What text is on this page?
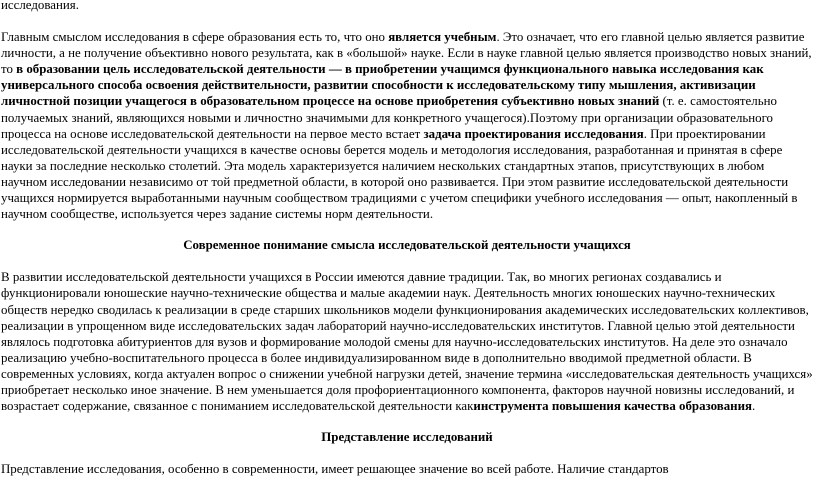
исследования.

Главным смыслом исследования в сфере образования есть то, что оно является учебным. Это означает, что его главной целью является развитие личности, а не получение объективно нового результата, как в «большой» науке. Если в науке главной целью является производство новых знаний, то в образовании цель исследовательской деятельности — в приобретении учащимся функционального навыка исследования как универсального способа освоения действительности, развитии способности к исследовательскому типу мышления, активизации личностной позиции учащегося в образовательном процессе на основе приобретения субъективно новых знаний (т. е. самостоятельно получаемых знаний, являющихся новыми и личностно значимыми для конкретного учащегося).Поэтому при организации образовательного процесса на основе исследовательской деятельности на первое место встает задача проектирования исследования. При проектировании исследовательской деятельности учащихся в качестве основы берется модель и методология исследования, разработанная и принятая в сфере науки за последние несколько столетий. Эта модель характеризуется наличием нескольких стандартных этапов, присутствующих в любом научном исследовании независимо от той предметной области, в которой оно развивается. При этом развитие исследовательской деятельности учащихся нормируется выработанными научным сообществом традициями с учетом специфики учебного исследования — опыт, накопленный в научном сообществе, используется через задание системы норм деятельности.

Современное понимание смысла исследовательской деятельности учащихся

В развитии исследовательской деятельности учащихся в России имеются давние традиции. Так, во многих регионах создавались и функционировали юношеские научно-технические общества и малые академии наук. Деятельность многих юношеских научно-технических обществ нередко сводилась к реализации в среде старших школьников модели функционирования академических исследовательских коллективов, реализации в упрощенном виде исследовательских задач лабораторий научно-исследовательских институтов. Главной целью этой деятельности являлось подготовка абитуриентов для вузов и формирование молодой смены для научно-исследовательских институтов. На деле это означало реализацию учебно-воспитательного процесса в более индивидуализированном виде в дополнительно вводимой предметной области. В современных условиях, когда актуален вопрос о снижении учебной нагрузки детей, значение термина «исследовательская деятельность учащихся» приобретает несколько иное значение. В нем уменьшается доля профориентационного компонента, факторов научной новизны исследований, и возрастает содержание, связанное с пониманием исследовательской деятельности какинструмента повышения качества образования.

Представление исследований

Представление исследования, особенно в современности, имеет решающее значение во всей работе. Наличие стандартов
